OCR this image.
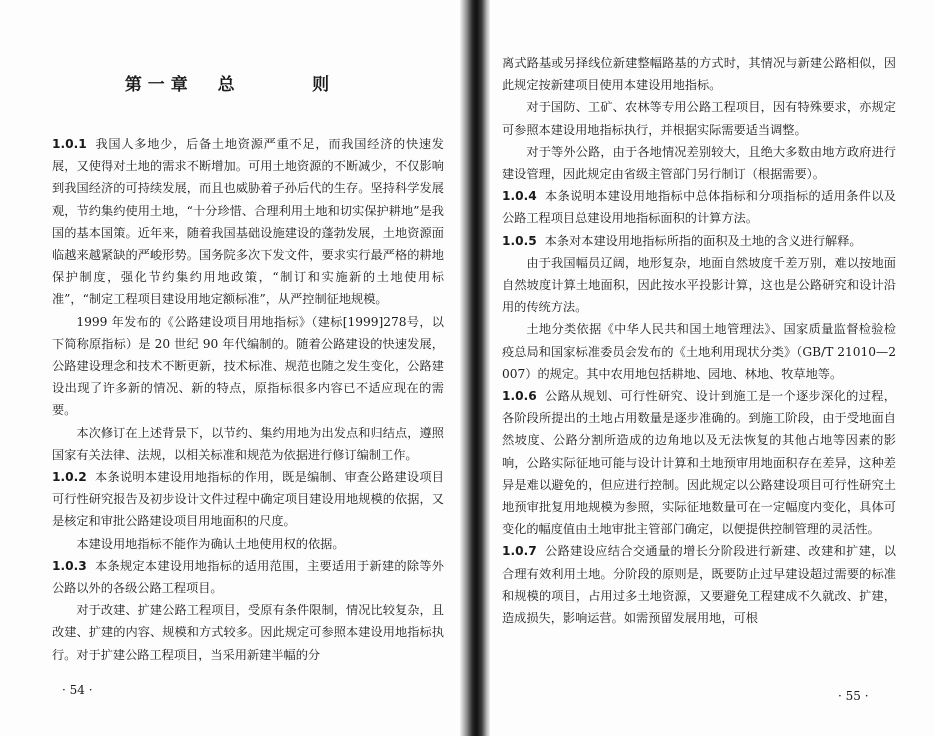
第一章  总      则

1.0.1 我国人多地少，后备土地资源严重不足，而我国经济的快速发展，又使得对土地的需求不断增加。可用土地资源的不断减少，不仅影响到我国经济的可持续发展，而且也威胁着子孙后代的生存。坚持科学发展观，节约集约使用土地，“十分珍惜、合理利用土地和切实保护耕地”是我国的基本国策。近年来，随着我国基础设施建设的蓬勃发展，土地资源面临越来越紧缺的严峻形势。国务院多次下发文件，要求实行最严格的耕地保护制度，强化节约集约用地政策，“制订和实施新的土地使用标准”，“制定工程项目建设用地定额标准”，从严控制征地规模。

1999 年发布的《公路建设项目用地指标》（建标[1999]278号，以下简称原指标）是 20 世纪 90 年代编制的。随着公路建设的快速发展，公路建设理念和技术不断更新，技术标准、规范也随之发生变化，公路建设出现了许多新的情况、新的特点，原指标很多内容已不适应现在的需要。

本次修订在上述背景下，以节约、集约用地为出发点和归结点，遵照国家有关法律、法规，以相关标准和规范为依据进行修订编制工作。

1.0.2 本条说明本建设用地指标的作用，既是编制、审查公路建设项目可行性研究报告及初步设计文件过程中确定项目建设用地规模的依据，又是核定和审批公路建设项目用地面积的尺度。

本建设用地指标不能作为确认土地使用权的依据。

1.0.3 本条规定本建设用地指标的适用范围，主要适用于新建的除等外公路以外的各级公路工程项目。

对于改建、扩建公路工程项目，受原有条件限制，情况比较复杂，且改建、扩建的内容、规模和方式较多。因此规定可参照本建设用地指标执行。对于扩建公路工程项目，当采用新建半幅的分

· 54 ·

离式路基或另择线位新建整幅路基的方式时，其情况与新建公路相似，因此规定按新建项目使用本建设用地指标。

对于国防、工矿、农林等专用公路工程项目，因有特殊要求，亦规定可参照本建设用地指标执行，并根据实际需要适当调整。

对于等外公路，由于各地情况差别较大，且绝大多数由地方政府进行建设管理，因此规定由省级主管部门另行制订（根据需要）。

1.0.4 本条说明本建设用地指标中总体指标和分项指标的适用条件以及公路工程项目总建设用地指标面积的计算方法。

1.0.5 本条对本建设用地指标所指的面积及土地的含义进行解释。

由于我国幅员辽阔，地形复杂，地面自然坡度千差万别，难以按地面自然坡度计算土地面积，因此按水平投影计算，这也是公路研究和设计沿用的传统方法。

土地分类依据《中华人民共和国土地管理法》、国家质量监督检验检疫总局和国家标准委员会发布的《土地利用现状分类》（GB/T 21010—2007）的规定。其中农用地包括耕地、园地、林地、牧草地等。

1.0.6 公路从规划、可行性研究、设计到施工是一个逐步深化的过程，各阶段所提出的土地占用数量是逐步准确的。到施工阶段，由于受地面自然坡度、公路分割所造成的边角地以及无法恢复的其他占地等因素的影响，公路实际征地可能与设计计算和土地预审用地面积存在差异，这种差异是难以避免的，但应进行控制。因此规定以公路建设项目可行性研究土地预审批复用地规模为参照，实际征地数量可在一定幅度内变化，具体可变化的幅度值由土地审批主管部门确定，以便提供控制管理的灵活性。

1.0.7 公路建设应结合交通量的增长分阶段进行新建、改建和扩建，以合理有效利用土地。分阶段的原则是，既要防止过早建设超过需要的标准和规模的项目，占用过多土地资源，又要避免工程建成不久就改、扩建，造成损失，影响运营。如需预留发展用地，可根

· 55 ·
